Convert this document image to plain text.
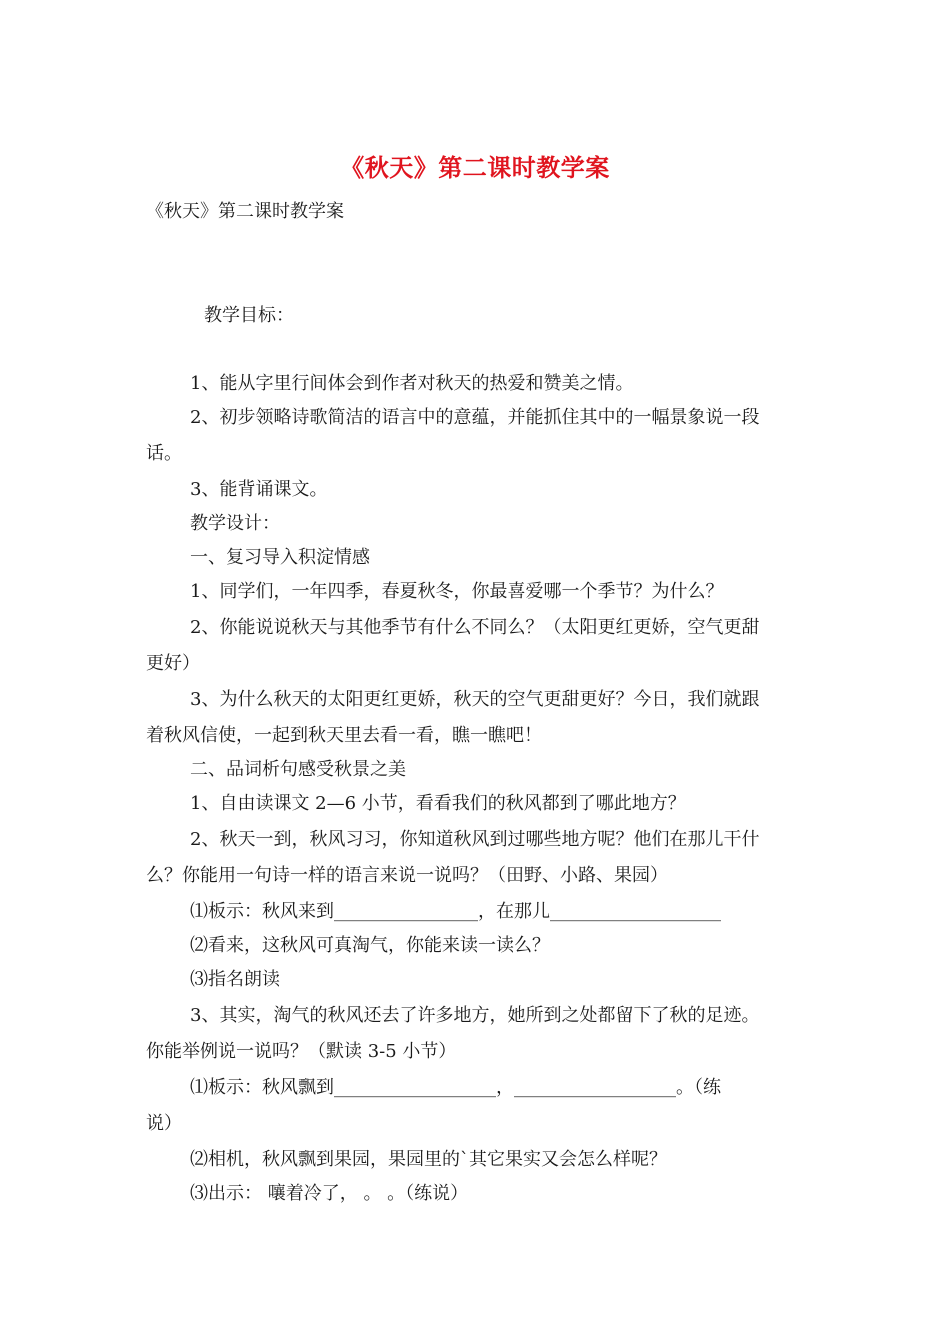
《秋天》第二课时教学案
《秋天》第二课时教学案
教学目标：
1、能从字里行间体会到作者对秋天的热爱和赞美之情。
2、初步领略诗歌简洁的语言中的意蕴，并能抓住其中的一幅景象说一段
话。
3、能背诵课文。
教学设计：
一、复习导入积淀情感
1、同学们，一年四季，春夏秋冬，你最喜爱哪一个季节？为什么？
2、你能说说秋天与其他季节有什么不同么？（太阳更红更娇，空气更甜
更好）
3、为什么秋天的太阳更红更娇，秋天的空气更甜更好？今日，我们就跟
着秋风信使，一起到秋天里去看一看，瞧一瞧吧！
二、品词析句感受秋景之美
1、自由读课文 2—6 小节，看看我们的秋风都到了哪此地方？
2、秋天一到，秋风习习，你知道秋风到过哪些地方呢？他们在那儿干什
么？你能用一句诗一样的语言来说一说吗？（田野、小路、果园）
⑴板示：秋风来到________________，在那儿___________________
⑵看来，这秋风可真淘气，你能来读一读么？
⑶指名朗读
3、其实，淘气的秋风还去了许多地方，她所到之处都留下了秋的足迹。
你能举例说一说吗？（默读 3-5 小节）
⑴板示：秋风飘到__________________，__________________。（练
说）
⑵相机，秋风飘到果园，果园里的`其它果实又会怎么样呢？
⑶出示： 嚷着冷了， 。 。（练说）
